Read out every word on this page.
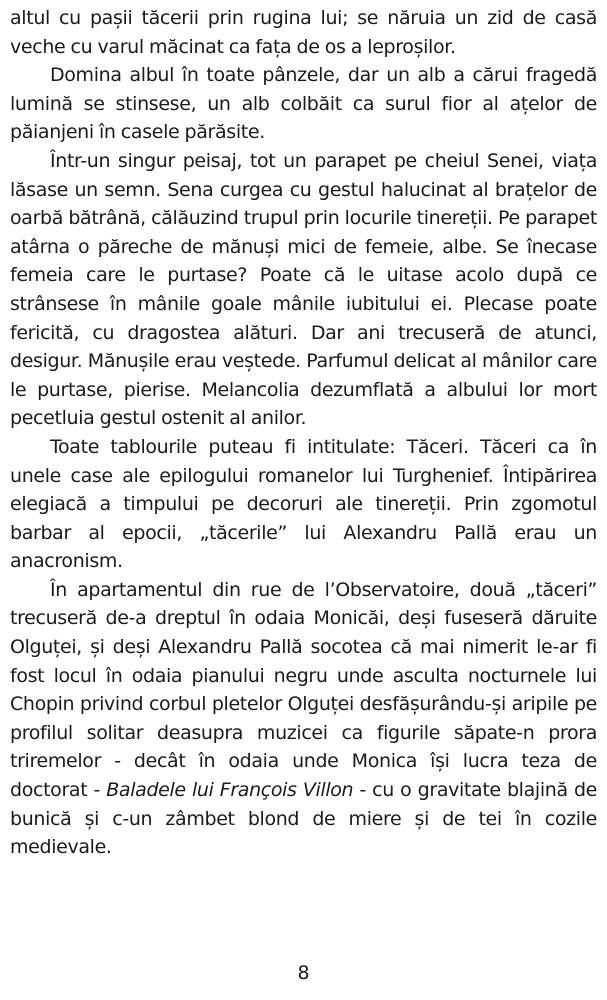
altul cu pașii tăcerii prin rugina lui; se năruia un zid de casă veche cu varul măcinat ca fața de os a leproșilor.

Domina albul în toate pânzele, dar un alb a cărui fragedă lumină se stinsese, un alb colbăit ca surul fior al ațelor de păianjeni în casele părăsite.

Într-un singur peisaj, tot un parapet pe cheiul Senei, viața lăsase un semn. Sena curgea cu gestul halucinat al brațelor de oarbă bătrână, călăuzind trupul prin locurile tinereții. Pe parapet atârna o păreche de mănuși mici de femeie, albe. Se înecase femeia care le purtase? Poate că le uitase acolo după ce strânsese în mânile goale mânile iubitului ei. Plecase poate fericită, cu dragostea alături. Dar ani trecuseră de atunci, desigur. Mănușile erau veștede. Parfumul delicat al mânilor care le purtase, pierise. Melancolia dezumflată a albului lor mort pecetluia gestul ostenit al anilor.

Toate tablourile puteau fi intitulate: Tăceri. Tăceri ca în unele case ale epilogului romanelor lui Turghenief. Întipărirea elegiacă a timpului pe decoruri ale tinereții. Prin zgomotul barbar al epocii, „tăcerile” lui Alexandru Pallă erau un anacronism.

În apartamentul din rue de l’Observatoire, două „tăceri” trecuseră de-a dreptul în odaia Monicăi, deși fuseseră dăruite Olguței, și deși Alexandru Pallă socotea că mai nimerit le-ar fi fost locul în odaia pianului negru unde asculta nocturnele lui Chopin privind corbul pletelor Olguței desfășurându-și aripile pe profilul solitar deasupra muzicei ca figurile săpate-n prora triremelor - decât în odaia unde Monica își lucra teza de doctorat - Baladele lui François Villon - cu o gravitate blajină de bunică și c-un zâmbet blond de miere și de tei în cozile medievale.

8
